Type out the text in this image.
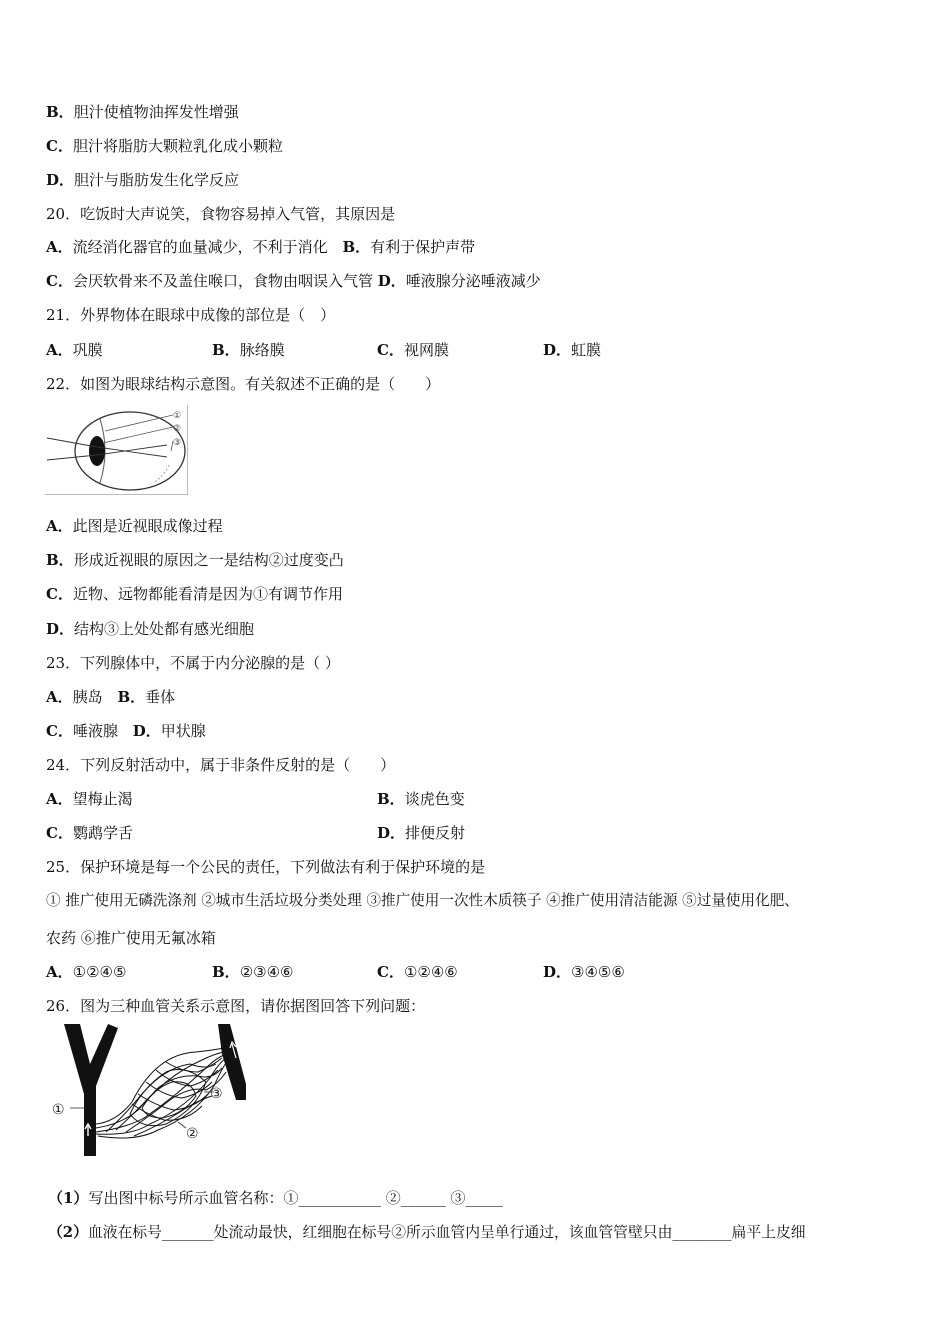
B．胆汁使植物油挥发性增强
C．胆汁将脂肪大颗粒乳化成小颗粒
D．胆汁与脂肪发生化学反应
20．吃饭时大声说笑，食物容易掉入气管，其原因是
A．流经消化器官的血量减少，不利于消化 B．有利于保护声带
C．会厌软骨来不及盖住喉口，食物由咽误入气管 D．唾液腺分泌唾液减少
21．外界物体在眼球中成像的部位是（　）
A．巩膜	B．脉络膜	C．视网膜	D．虹膜
22．如图为眼球结构示意图。有关叙述不正确的是（　　）
①
②
③
A．此图是近视眼成像过程
B．形成近视眼的原因之一是结构②过度变凸
C．近物、远物都能看清是因为①有调节作用
D．结构③上处处都有感光细胞
23．下列腺体中，不属于内分泌腺的是（ ）
A．胰岛 B．垂体
C．唾液腺 D．甲状腺
24．下列反射活动中，属于非条件反射的是（　　）
A．望梅止渴	B．谈虎色变
C．鹦鹉学舌	D．排便反射
25．保护环境是每一个公民的责任，下列做法有利于保护环境的是
① 推广使用无磷洗涤剂 ②城市生活垃圾分类处理 ③推广使用一次性木质筷子 ④推广使用清洁能源 ⑤过量使用化肥、
农药 ⑥推广使用无氟冰箱
A．①②④⑤	B．②③④⑥	C．①②④⑥	D．③④⑤⑥
26．图为三种血管关系示意图，请你据图回答下列问题：
①
②
③
（1）写出图中标号所示血管名称：①___________ ②______ ③_____
（2）血液在标号_______处流动最快，红细胞在标号②所示血管内呈单行通过，该血管管壁只由________扁平上皮细
